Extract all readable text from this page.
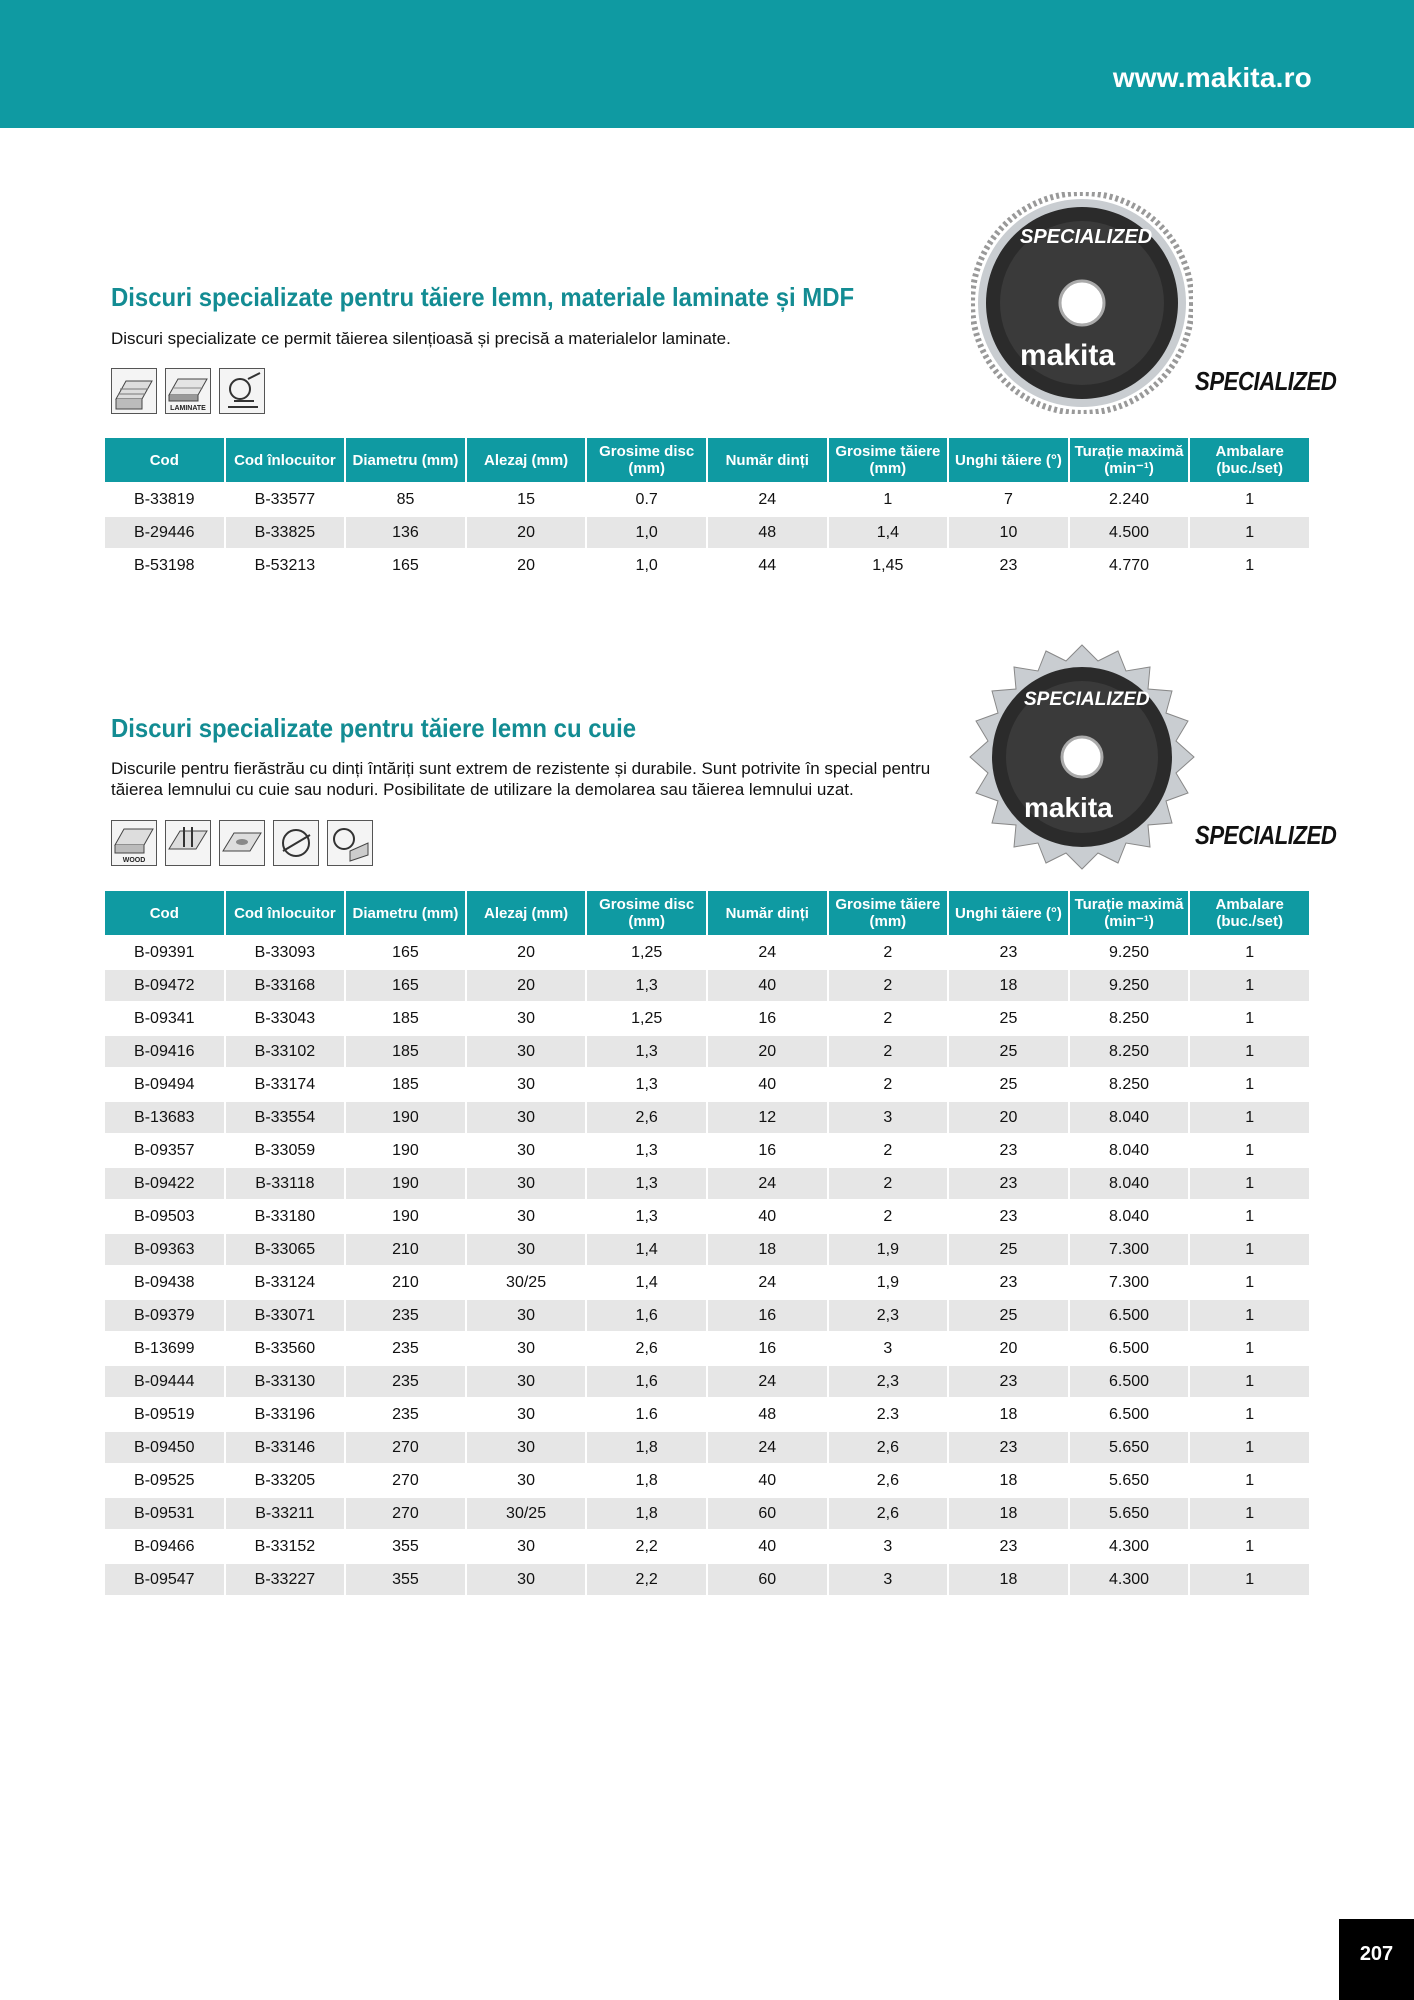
www.makita.ro
Discuri specializate pentru tăiere lemn, materiale laminate și MDF
Discuri specializate ce permit tăierea silențioasă și precisă a materialelor laminate.
LAMINATE
SPECIALIZED
makita
SPECIALIZED
Cod	Cod înlocuitor	Diametru (mm)	Alezaj (mm)	Grosime disc (mm)	Număr dinți	Grosime tăiere (mm)	Unghi tăiere (°)	Turație maximă (min⁻¹)	Ambalare (buc./set)
B-33819	B-33577	85	15	0.7	24	1	7	2.240	1
B-29446	B-33825	136	20	1,0	48	1,4	10	4.500	1
B-53198	B-53213	165	20	1,0	44	1,45	23	4.770	1
Discuri specializate pentru tăiere lemn cu cuie
Discurile pentru fierăstrău cu dinți întăriți sunt extrem de rezistente și durabile. Sunt potrivite în special pentru tăierea lemnului cu cuie sau noduri. Posibilitate de utilizare la demolarea sau tăierea lemnului uzat.
WOOD
SPECIALIZED
makita
SPECIALIZED
Cod	Cod înlocuitor	Diametru (mm)	Alezaj (mm)	Grosime disc (mm)	Număr dinți	Grosime tăiere (mm)	Unghi tăiere (°)	Turație maximă (min⁻¹)	Ambalare (buc./set)
B-09391	B-33093	165	20	1,25	24	2	23	9.250	1
B-09472	B-33168	165	20	1,3	40	2	18	9.250	1
B-09341	B-33043	185	30	1,25	16	2	25	8.250	1
B-09416	B-33102	185	30	1,3	20	2	25	8.250	1
B-09494	B-33174	185	30	1,3	40	2	25	8.250	1
B-13683	B-33554	190	30	2,6	12	3	20	8.040	1
B-09357	B-33059	190	30	1,3	16	2	23	8.040	1
B-09422	B-33118	190	30	1,3	24	2	23	8.040	1
B-09503	B-33180	190	30	1,3	40	2	23	8.040	1
B-09363	B-33065	210	30	1,4	18	1,9	25	7.300	1
B-09438	B-33124	210	30/25	1,4	24	1,9	23	7.300	1
B-09379	B-33071	235	30	1,6	16	2,3	25	6.500	1
B-13699	B-33560	235	30	2,6	16	3	20	6.500	1
B-09444	B-33130	235	30	1,6	24	2,3	23	6.500	1
B-09519	B-33196	235	30	1.6	48	2.3	18	6.500	1
B-09450	B-33146	270	30	1,8	24	2,6	23	5.650	1
B-09525	B-33205	270	30	1,8	40	2,6	18	5.650	1
B-09531	B-33211	270	30/25	1,8	60	2,6	18	5.650	1
B-09466	B-33152	355	30	2,2	40	3	23	4.300	1
B-09547	B-33227	355	30	2,2	60	3	18	4.300	1
207
